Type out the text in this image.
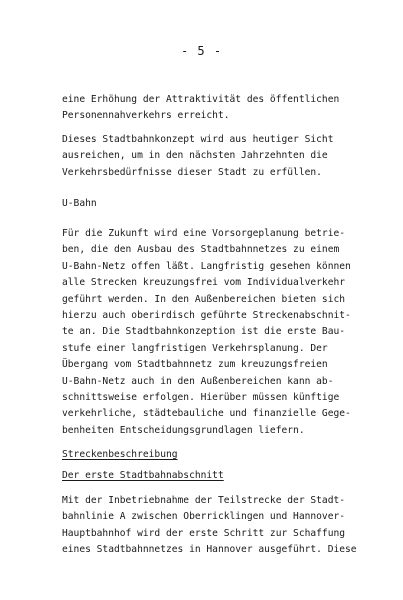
- 5 -
eine Erhöhung der Attraktivität des öffentlichen
Personennahverkehrs erreicht.
Dieses Stadtbahnkonzept wird aus heutiger Sicht
ausreichen, um in den nächsten Jahrzehnten die
Verkehrsbedürfnisse dieser Stadt zu erfüllen.
U-Bahn
Für die Zukunft wird eine Vorsorgeplanung betrie-
ben, die den Ausbau des Stadtbahnnetzes zu einem
U-Bahn-Netz offen läßt. Langfristig gesehen können
alle Strecken kreuzungsfrei vom Individualverkehr
geführt werden. In den Außenbereichen bieten sich
hierzu auch oberirdisch geführte Streckenabschnit-
te an. Die Stadtbahnkonzeption ist die erste Bau-
stufe einer langfristigen Verkehrsplanung. Der
Übergang vom Stadtbahnnetz zum kreuzungsfreien
U-Bahn-Netz auch in den Außenbereichen kann ab-
schnittsweise erfolgen. Hierüber müssen künftige
verkehrliche, städtebauliche und finanzielle Gege-
benheiten Entscheidungsgrundlagen liefern.
Streckenbeschreibung
Der erste Stadtbahnabschnitt
Mit der Inbetriebnahme der Teilstrecke der Stadt-
bahnlinie A zwischen Oberricklingen und Hannover-
Hauptbahnhof wird der erste Schritt zur Schaffung
eines Stadtbahnnetzes in Hannover ausgeführt. Diese
